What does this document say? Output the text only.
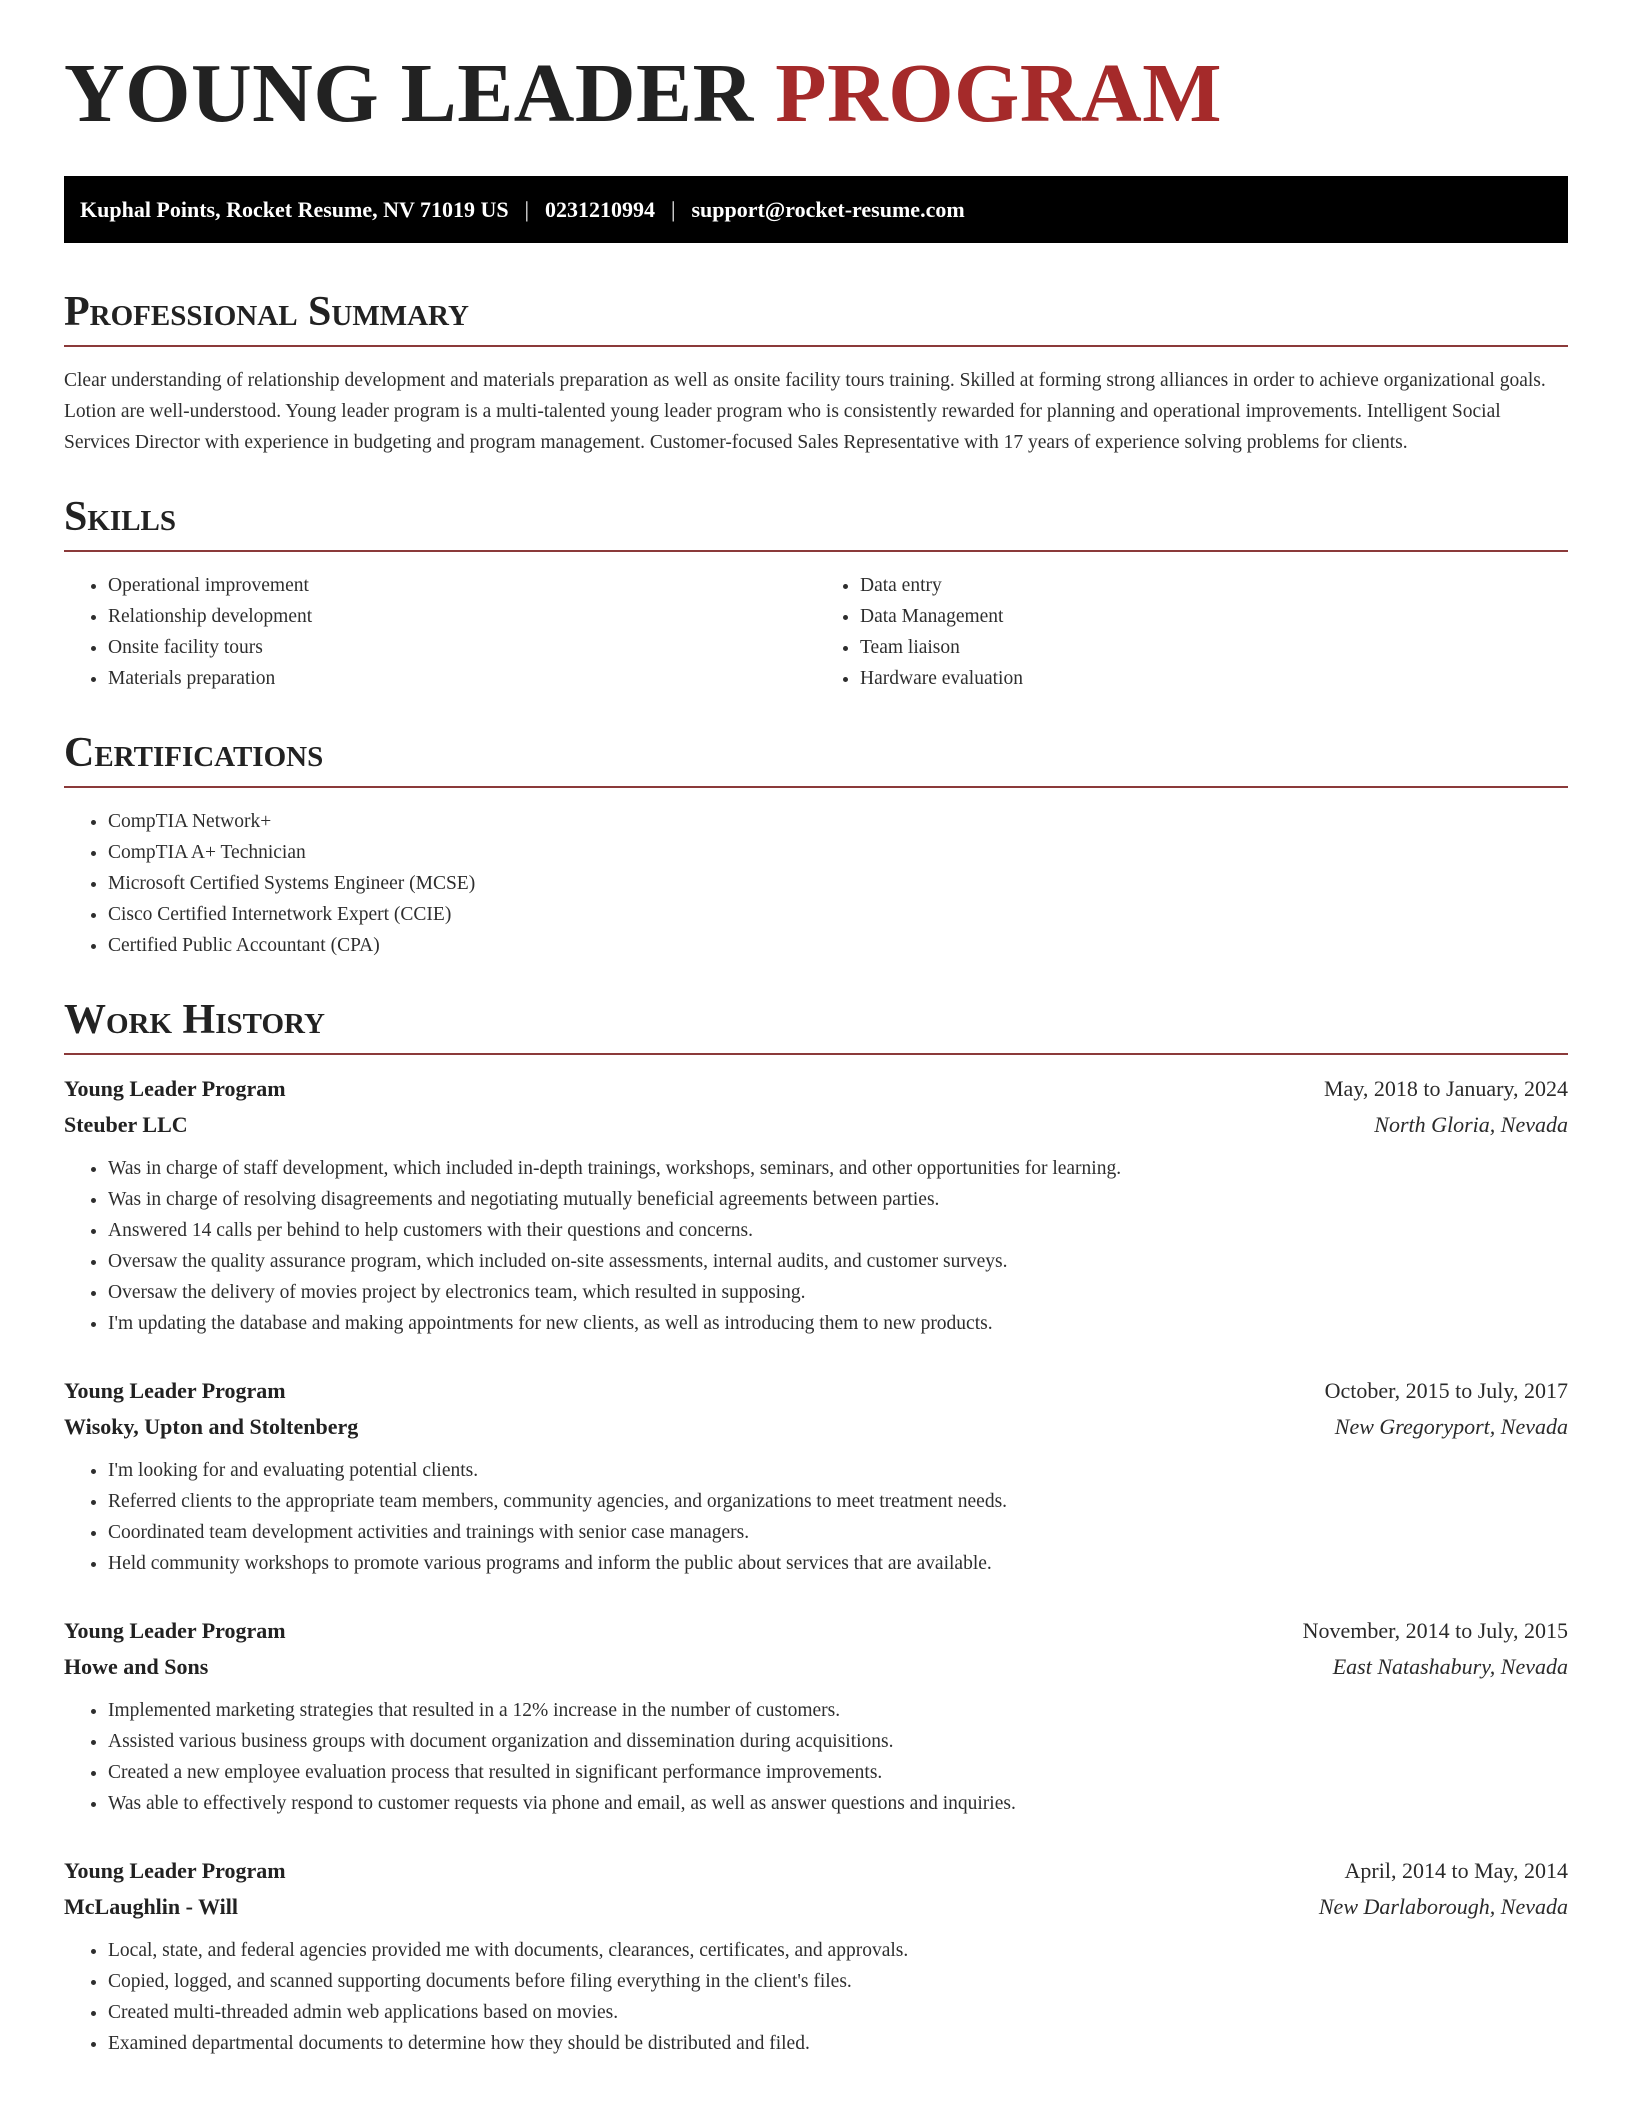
YOUNG LEADER PROGRAM
Kuphal Points, Rocket Resume, NV 71019 US | 0231210994 | support@rocket-resume.com
Professional Summary

Clear understanding of relationship development and materials preparation as well as onsite facility tours training. Skilled at forming strong alliances in order to achieve organizational goals. Lotion are well-understood. Young leader program is a multi-talented young leader program who is consistently rewarded for planning and operational improvements. Intelligent Social Services Director with experience in budgeting and program management. Customer-focused Sales Representative with 17 years of experience solving problems for clients.

Skills
• Operational improvement
• Relationship development
• Onsite facility tours
• Materials preparation
• Data entry
• Data Management
• Team liaison
• Hardware evaluation
Certifications
• CompTIA Network+
• CompTIA A+ Technician
• Microsoft Certified Systems Engineer (MCSE)
• Cisco Certified Internetwork Expert (CCIE)
• Certified Public Accountant (CPA)
Work History
Young Leader Program	May, 2018 to January, 2024
Steuber LLC	North Gloria, Nevada
• Was in charge of staff development, which included in-depth trainings, workshops, seminars, and other opportunities for learning.
• Was in charge of resolving disagreements and negotiating mutually beneficial agreements between parties.
• Answered 14 calls per behind to help customers with their questions and concerns.
• Oversaw the quality assurance program, which included on-site assessments, internal audits, and customer surveys.
• Oversaw the delivery of movies project by electronics team, which resulted in supposing.
• I'm updating the database and making appointments for new clients, as well as introducing them to new products.
Young Leader Program	October, 2015 to July, 2017
Wisoky, Upton and Stoltenberg	New Gregoryport, Nevada
• I'm looking for and evaluating potential clients.
• Referred clients to the appropriate team members, community agencies, and organizations to meet treatment needs.
• Coordinated team development activities and trainings with senior case managers.
• Held community workshops to promote various programs and inform the public about services that are available.
Young Leader Program	November, 2014 to July, 2015
Howe and Sons	East Natashabury, Nevada
• Implemented marketing strategies that resulted in a 12% increase in the number of customers.
• Assisted various business groups with document organization and dissemination during acquisitions.
• Created a new employee evaluation process that resulted in significant performance improvements.
• Was able to effectively respond to customer requests via phone and email, as well as answer questions and inquiries.
Young Leader Program	April, 2014 to May, 2014
McLaughlin - Will	New Darlaborough, Nevada
• Local, state, and federal agencies provided me with documents, clearances, certificates, and approvals.
• Copied, logged, and scanned supporting documents before filing everything in the client's files.
• Created multi-threaded admin web applications based on movies.
• Examined departmental documents to determine how they should be distributed and filed.
